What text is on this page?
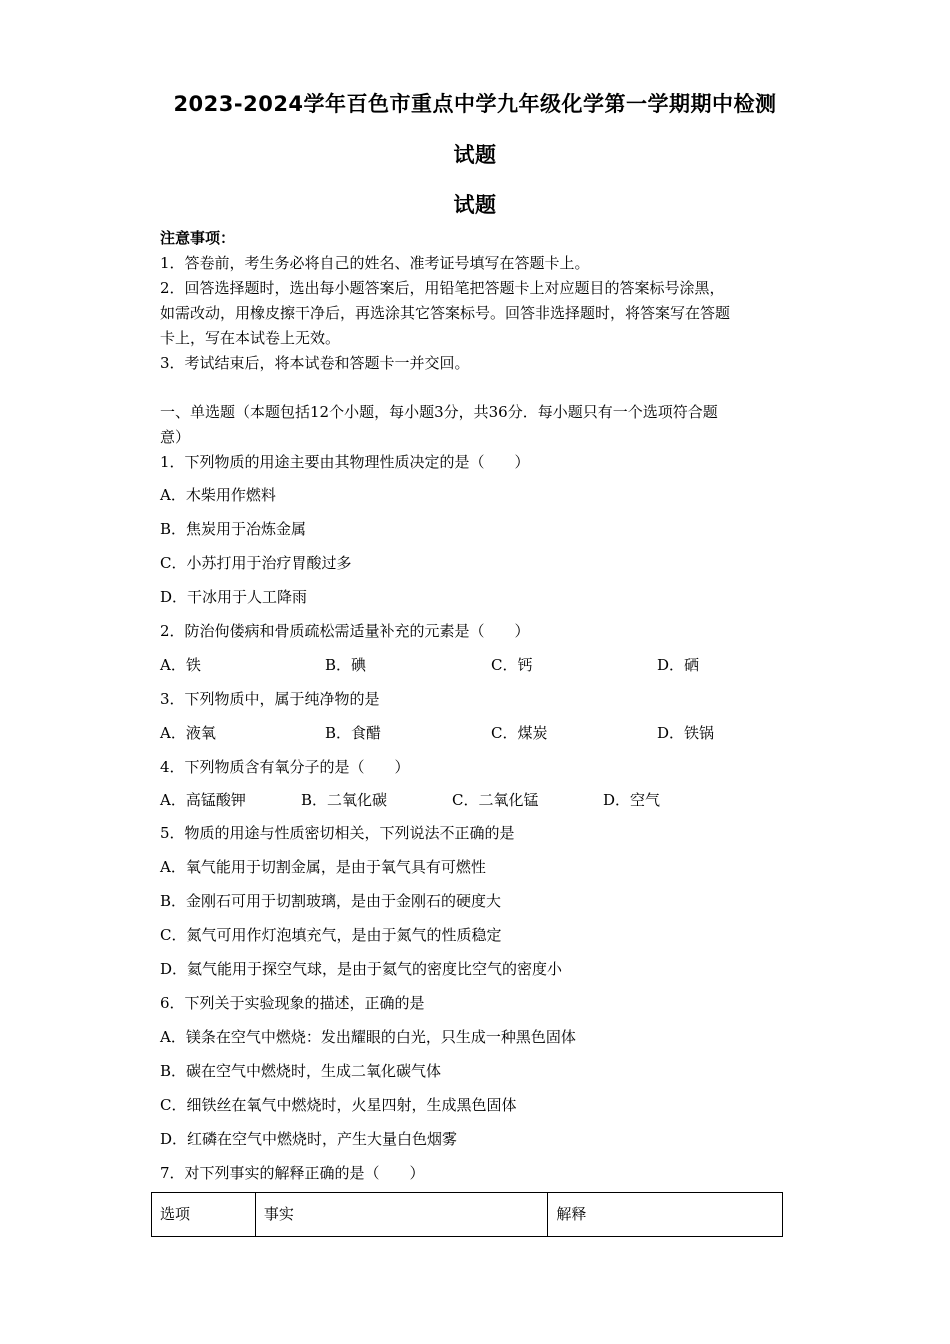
2023-2024学年百色市重点中学九年级化学第一学期期中检测
试题
试题
注意事项：
1．答卷前，考生务必将自己的姓名、准考证号填写在答题卡上。
2．回答选择题时，选出每小题答案后，用铅笔把答题卡上对应题目的答案标号涂黑，
如需改动，用橡皮擦干净后，再选涂其它答案标号。回答非选择题时，将答案写在答题
卡上，写在本试卷上无效。
3．考试结束后，将本试卷和答题卡一并交回。
一、单选题（本题包括12个小题，每小题3分，共36分．每小题只有一个选项符合题
意）
1．下列物质的用途主要由其物理性质决定的是（　　）
A．木柴用作燃料
B．焦炭用于冶炼金属
C．小苏打用于治疗胃酸过多
D．干冰用于人工降雨
2．防治佝偻病和骨质疏松需适量补充的元素是（　　）
A．铁	B．碘	C．钙	D．硒
3．下列物质中，属于纯净物的是
A．液氧	B．食醋	C．煤炭	D．铁锅
4．下列物质含有氧分子的是（　　）
A．高锰酸钾	B．二氧化碳	C．二氧化锰	D．空气
5．物质的用途与性质密切相关，下列说法不正确的是
A．氧气能用于切割金属，是由于氧气具有可燃性
B．金刚石可用于切割玻璃，是由于金刚石的硬度大
C．氮气可用作灯泡填充气，是由于氮气的性质稳定
D．氦气能用于探空气球，是由于氦气的密度比空气的密度小
6．下列关于实验现象的描述，正确的是
A．镁条在空气中燃烧：发出耀眼的白光，只生成一种黑色固体
B．碳在空气中燃烧时，生成二氧化碳气体
C．细铁丝在氧气中燃烧时，火星四射，生成黑色固体
D．红磷在空气中燃烧时，产生大量白色烟雾
7．对下列事实的解释正确的是（　　）
选项	事实	解释
